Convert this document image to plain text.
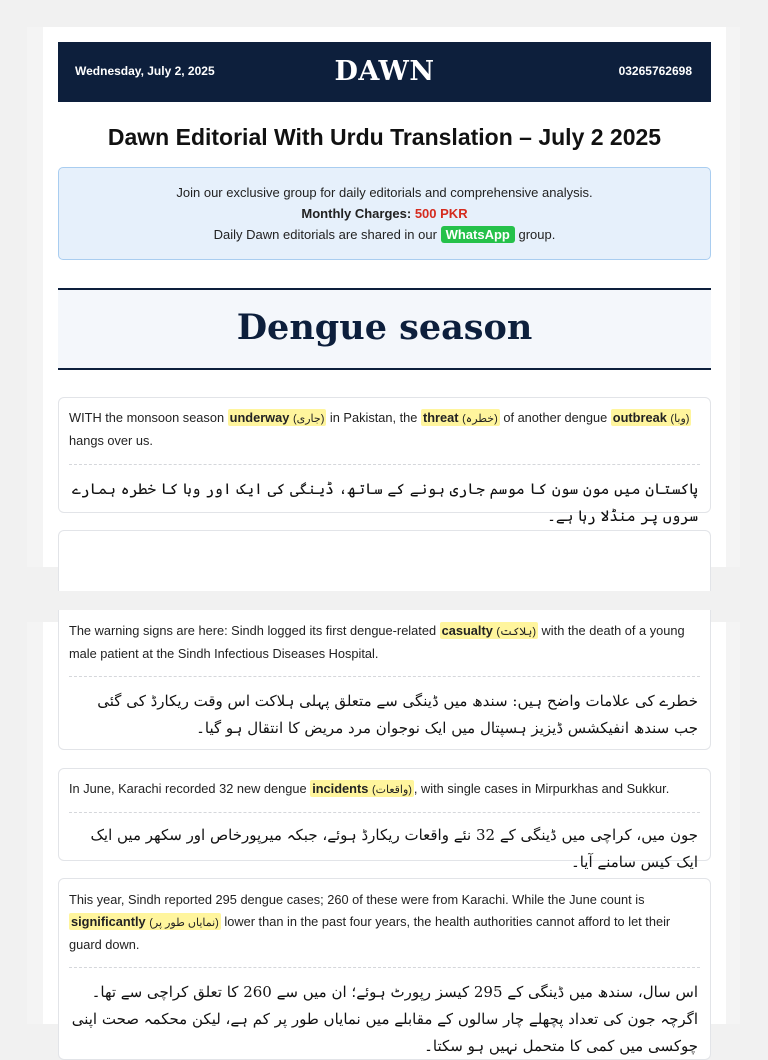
Wednesday, July 2, 2025	DAWN	03265762698
Dawn Editorial With Urdu Translation – July 2 2025
Join our exclusive group for daily editorials and comprehensive analysis.
Monthly Charges: 500 PKR
Daily Dawn editorials are shared in our WhatsApp group.
Dengue season
WITH the monsoon season underway (جاری) in Pakistan, the threat (خطرہ) of another dengue outbreak (وبا) hangs over us.
پاکستان میں مون سون کا موسم جاری ہونے کے ساتھ، ڈینگی کی ایک اور وبا کا خطرہ ہمارے سروں پر منڈلا رہا ہے۔
The warning signs are here: Sindh logged its first dengue-related casualty (ہلاکت) with the death of a young male patient at the Sindh Infectious Diseases Hospital.
خطرے کی علامات واضح ہیں: سندھ میں ڈینگی سے متعلق پہلی ہلاکت اس وقت ریکارڈ کی گئی جب سندھ انفیکشس ڈیزیز ہسپتال میں ایک نوجوان مرد مریض کا انتقال ہو گیا۔
In June, Karachi recorded 32 new dengue incidents (واقعات) , with single cases in Mirpurkhas and Sukkur.
جون میں، کراچی میں ڈینگی کے 32 نئے واقعات ریکارڈ ہوئے، جبکہ میرپورخاص اور سکھر میں ایک ایک کیس سامنے آیا۔
This year, Sindh reported 295 dengue cases; 260 of these were from Karachi. While the June count is significantly (نمایاں طور پر) lower than in the past four years, the health authorities cannot afford to let their guard down.
اس سال، سندھ میں ڈینگی کے 295 کیسز رپورٹ ہوئے؛ ان میں سے 260 کا تعلق کراچی سے تھا۔ اگرچہ جون کی تعداد پچھلے چار سالوں کے مقابلے میں نمایاں طور پر کم ہے، لیکن محکمہ صحت اپنی چوکسی میں کمی کا متحمل نہیں ہو سکتا۔
